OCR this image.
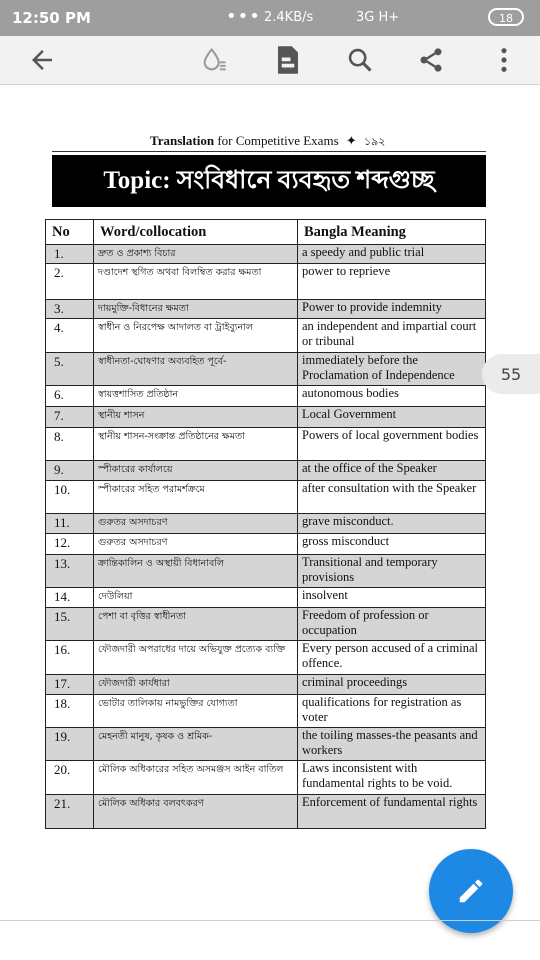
12:50 PM	••• 2.4KB/s	3G H+	18
Translation for Competitive Exams ✦ ১৯২
Topic: সংবিধানে ব্যবহৃত শব্দগুচ্ছ
No	Word/collocation	Bangla Meaning
1.	দ্রুত ও প্রকাশ্য বিচার	a speedy and public trial
2.	দণ্ডাদেশ স্থগিত অথবা বিলম্বিত করার ক্ষমতা	power to reprieve
3.	দায়মুক্তি-বিধানের ক্ষমতা	Power to provide indemnity
4.	স্বাধীন ও নিরপেক্ষ আদালত বা ট্রাইব্যুনাল	an independent and impartial court or tribunal
5.	স্বাধীনতা-ঘোষণার অব্যবহিত পূর্বে-	immediately before the Proclamation of Independence
6.	স্বায়ত্তশাসিত প্রতিষ্ঠান	autonomous bodies
7.	স্থানীয় শাসন	Local Government
8.	স্থানীয় শাসন-সংক্রান্ত প্রতিষ্ঠানের ক্ষমতা	Powers of local government bodies
9.	স্পীকারের কার্যালয়ে	at the office of the Speaker
10.	স্পীকারের সহিত পরামর্শক্রমে	after consultation with the Speaker
11.	গুরুতর অসদাচরণ	grave misconduct.
12.	গুরুতর অসদাচরণ	gross misconduct
13.	ক্রান্তিকালিন ও অস্থায়ী বিধানাবলি	Transitional and temporary provisions
14.	দেউলিয়া	insolvent
15.	পেশা বা বৃত্তির স্বাধীনতা	Freedom of profession or occupation
16.	ফৌজদারী অপরাধের দায়ে অভিযুক্ত প্রত্যেক ব্যক্তি	Every person accused of a criminal offence.
17.	ফৌজদারী কার্যধারা	criminal proceedings
18.	ভোটার তালিকায় নামভুক্তির যোগ্যতা	qualifications for registration as voter
19.	মেহনতী মানুষ, কৃষক ও শ্রমিক-	the toiling masses-the peasants and workers
20.	মৌলিক অধিকারের সহিত অসমঞ্জস আইন বাতিল	Laws inconsistent with fundamental rights to be void.
21.	মৌলিক অধিকার বলবৎকরণ	Enforcement of fundamental rights
55
